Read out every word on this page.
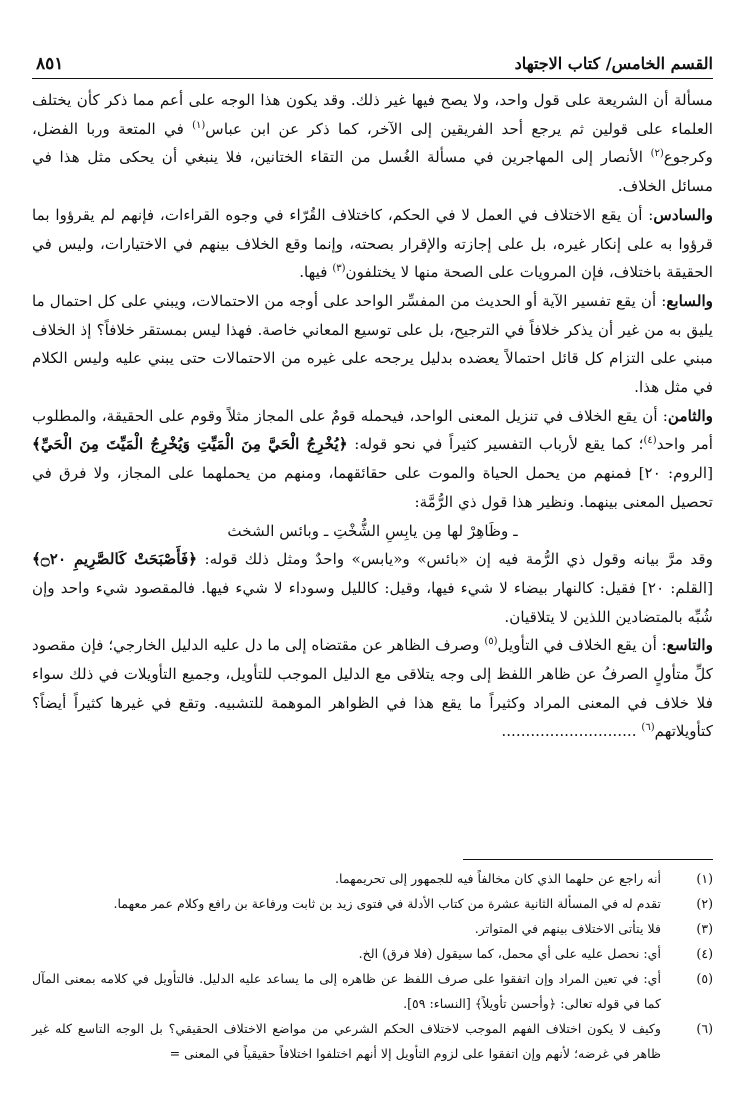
القسم الخامس/ كتاب الاجتهاد
٨٥١

مسألة أن الشريعة على قول واحد، ولا يصح فيها غير ذلك. وقد يكون هذا الوجه على أعم مما ذكر كأن يختلف العلماء على قولين ثم يرجع أحد الفريقين إلى الآخر، كما ذكر عن ابن عباس$^{(١)}$ في المتعة وربا الفضل، وكرجوع$^{(٢)}$ الأنصار إلى المهاجرين في مسألة الغُسل من التقاء الختانين، فلا ينبغي أن يحكى مثل هذا في مسائل الخلاف.

والسادس: أن يقع الاختلاف في العمل لا في الحكم، كاختلاف القُرّاء في وجوه القراءات، فإنهم لم يقرؤوا بما قرؤوا به على إنكار غيره، بل على إجازته والإقرار بصحته، وإنما وقع الخلاف بينهم في الاختيارات، وليس في الحقيقة باختلاف، فإن المرويات على الصحة منها لا يختلفون$^{(٣)}$ فيها.

والسابع: أن يقع تفسير الآية أو الحديث من المفسِّر الواحد على أوجه من الاحتمالات، ويبني على كل احتمال ما يليق به من غير أن يذكر خلافاً في الترجيح، بل على توسيع المعاني خاصة. فهذا ليس بمستقر خلافاً؟ إذ الخلاف مبني على التزام كل قائل احتمالاً يعضده بدليل يرجحه على غيره من الاحتمالات حتى يبني عليه وليس الكلام في مثل هذا.

والثامن: أن يقع الخلاف في تنزيل المعنى الواحد، فيحمله قومٌ على المجاز مثلاً وقوم على الحقيقة، والمطلوب أمر واحد$^{(٤)}$؛ كما يقع لأرباب التفسير كثيراً في نحو قوله: ﴿يُخْرِجُ الْحَيَّ مِنَ الْمَيِّتِ وَيُخْرِجُ الْمَيِّتَ مِنَ الْحَيِّ﴾ [الروم: ٢٠] فمنهم من يحمل الحياة والموت على حقائقهما، ومنهم من يحملهما على المجاز، ولا فرق في تحصيل المعنى بينهما. ونظير هذا قول ذي الرُّمَّة:

ـ وظَاهِرْ لها مِن يابِسِ الشُّخْتِ ـ وبائس الشخث

وقد مرَّ بيانه وقول ذي الرُّمة فيه إن «بائس» و«يابس» واحدٌ ومثل ذلك قوله: ﴿فَأَصْبَحَتْ كَالصَّرِيمِ ۝٢٠﴾ [القلم: ٢٠] فقيل: كالنهار بيضاء لا شيء فيها، وقيل: كالليل وسوداء لا شيء فيها. فالمقصود شيء واحد وإن شُبِّه بالمتضادين اللذين لا يتلاقيان.

والتاسع: أن يقع الخلاف في التأويل$^{(٥)}$ وصرف الظاهر عن مقتضاه إلى ما دل عليه الدليل الخارجي؛ فإن مقصود كلِّ متأولٍ الصرفُ عن ظاهر اللفظ إلى وجه يتلاقى مع الدليل الموجب للتأويل، وجميع التأويلات في ذلك سواء فلا خلاف في المعنى المراد وكثيراً ما يقع هذا في الظواهر الموهمة للتشبيه. وتقع في غيرها كثيراً أيضاً؟ كتأويلاتهم$^{(٦)}$ ............................

(١)
أنه راجع عن حلهما الذي كان مخالفاً فيه للجمهور إلى تحريمهما.
(٢)
تقدم له في المسألة الثانية عشرة من كتاب الأدلة في فتوى زيد بن ثابت ورفاعة بن رافع وكلام عمر معهما.
(٣)
فلا يتأتى الاختلاف بينهم في المتواتر.
(٤)
أي: نحصل عليه على أي محمل، كما سيقول (فلا فرق) الخ.
(٥)
أي: في تعين المراد وإن اتفقوا على صرف اللفظ عن ظاهره إلى ما يساعد عليه الدليل. فالتأويل في كلامه بمعنى المآل كما في قوله تعالى: ﴿وأحسن تأويلاً﴾ [النساء: ٥٩].
(٦)
وكيف لا يكون اختلاف الفهم الموجب لاختلاف الحكم الشرعي من مواضع الاختلاف الحقيقي؟ بل الوجه التاسع كله غير ظاهر في غرضه؛ لأنهم وإن اتفقوا على لزوم التأويل إلا أنهم اختلفوا اختلافاً حقيقياً في المعنى =
